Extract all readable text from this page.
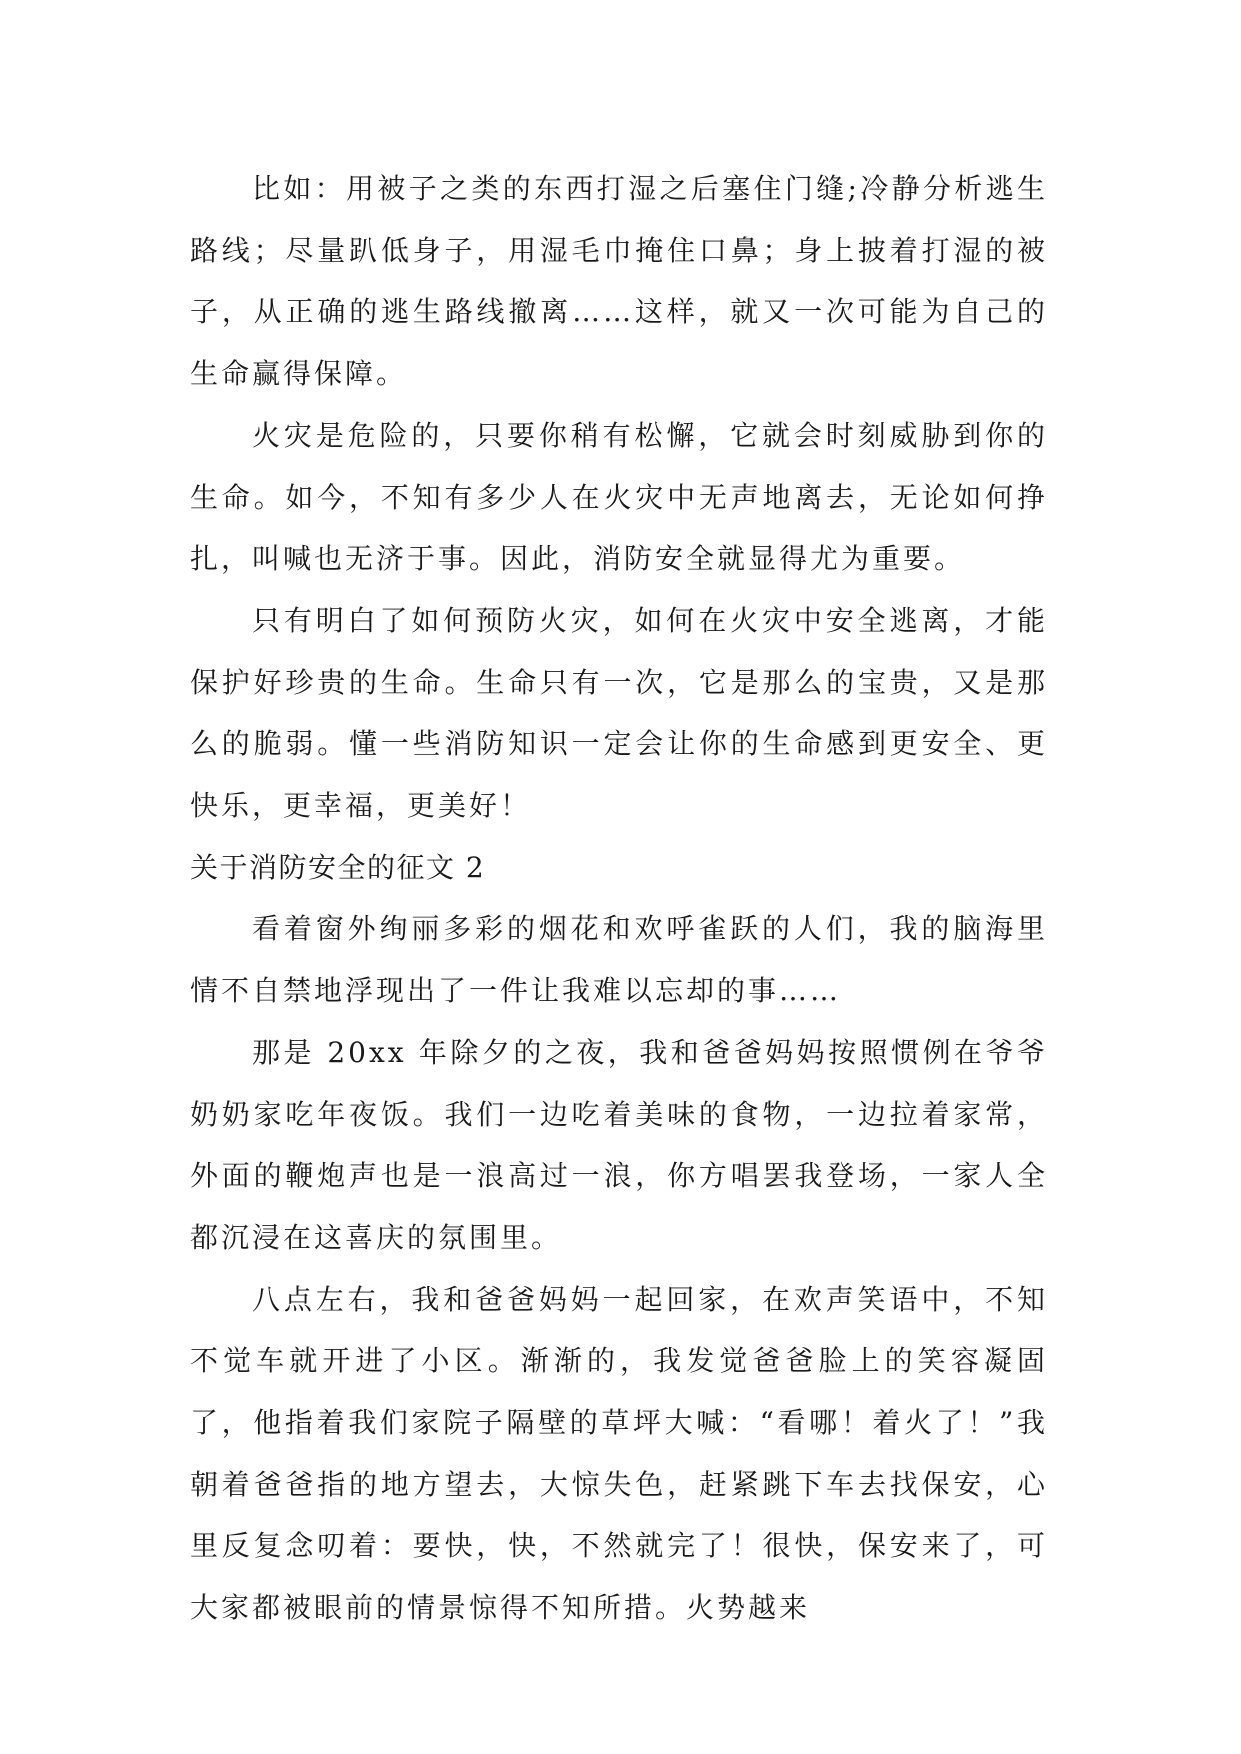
比如：用被子之类的东西打湿之后塞住门缝;冷静分析逃生路线；尽量趴低身子，用湿毛巾掩住口鼻；身上披着打湿的被子，从正确的逃生路线撤离……这样，就又一次可能为自己的生命赢得保障。

火灾是危险的，只要你稍有松懈，它就会时刻威胁到你的生命。如今，不知有多少人在火灾中无声地离去，无论如何挣扎，叫喊也无济于事。因此，消防安全就显得尤为重要。

只有明白了如何预防火灾，如何在火灾中安全逃离，才能保护好珍贵的生命。生命只有一次，它是那么的宝贵，又是那么的脆弱。懂一些消防知识一定会让你的生命感到更安全、更快乐，更幸福，更美好！

关于消防安全的征文 2

看着窗外绚丽多彩的烟花和欢呼雀跃的人们，我的脑海里情不自禁地浮现出了一件让我难以忘却的事……

那是 20xx 年除夕的之夜，我和爸爸妈妈按照惯例在爷爷奶奶家吃年夜饭。我们一边吃着美味的食物，一边拉着家常，外面的鞭炮声也是一浪高过一浪，你方唱罢我登场，一家人全都沉浸在这喜庆的氛围里。

八点左右，我和爸爸妈妈一起回家，在欢声笑语中，不知不觉车就开进了小区。渐渐的，我发觉爸爸脸上的笑容凝固了，他指着我们家院子隔壁的草坪大喊：“看哪！着火了！”我朝着爸爸指的地方望去，大惊失色，赶紧跳下车去找保安，心里反复念叨着：要快，快，不然就完了！很快，保安来了，可大家都被眼前的情景惊得不知所措。火势越来
